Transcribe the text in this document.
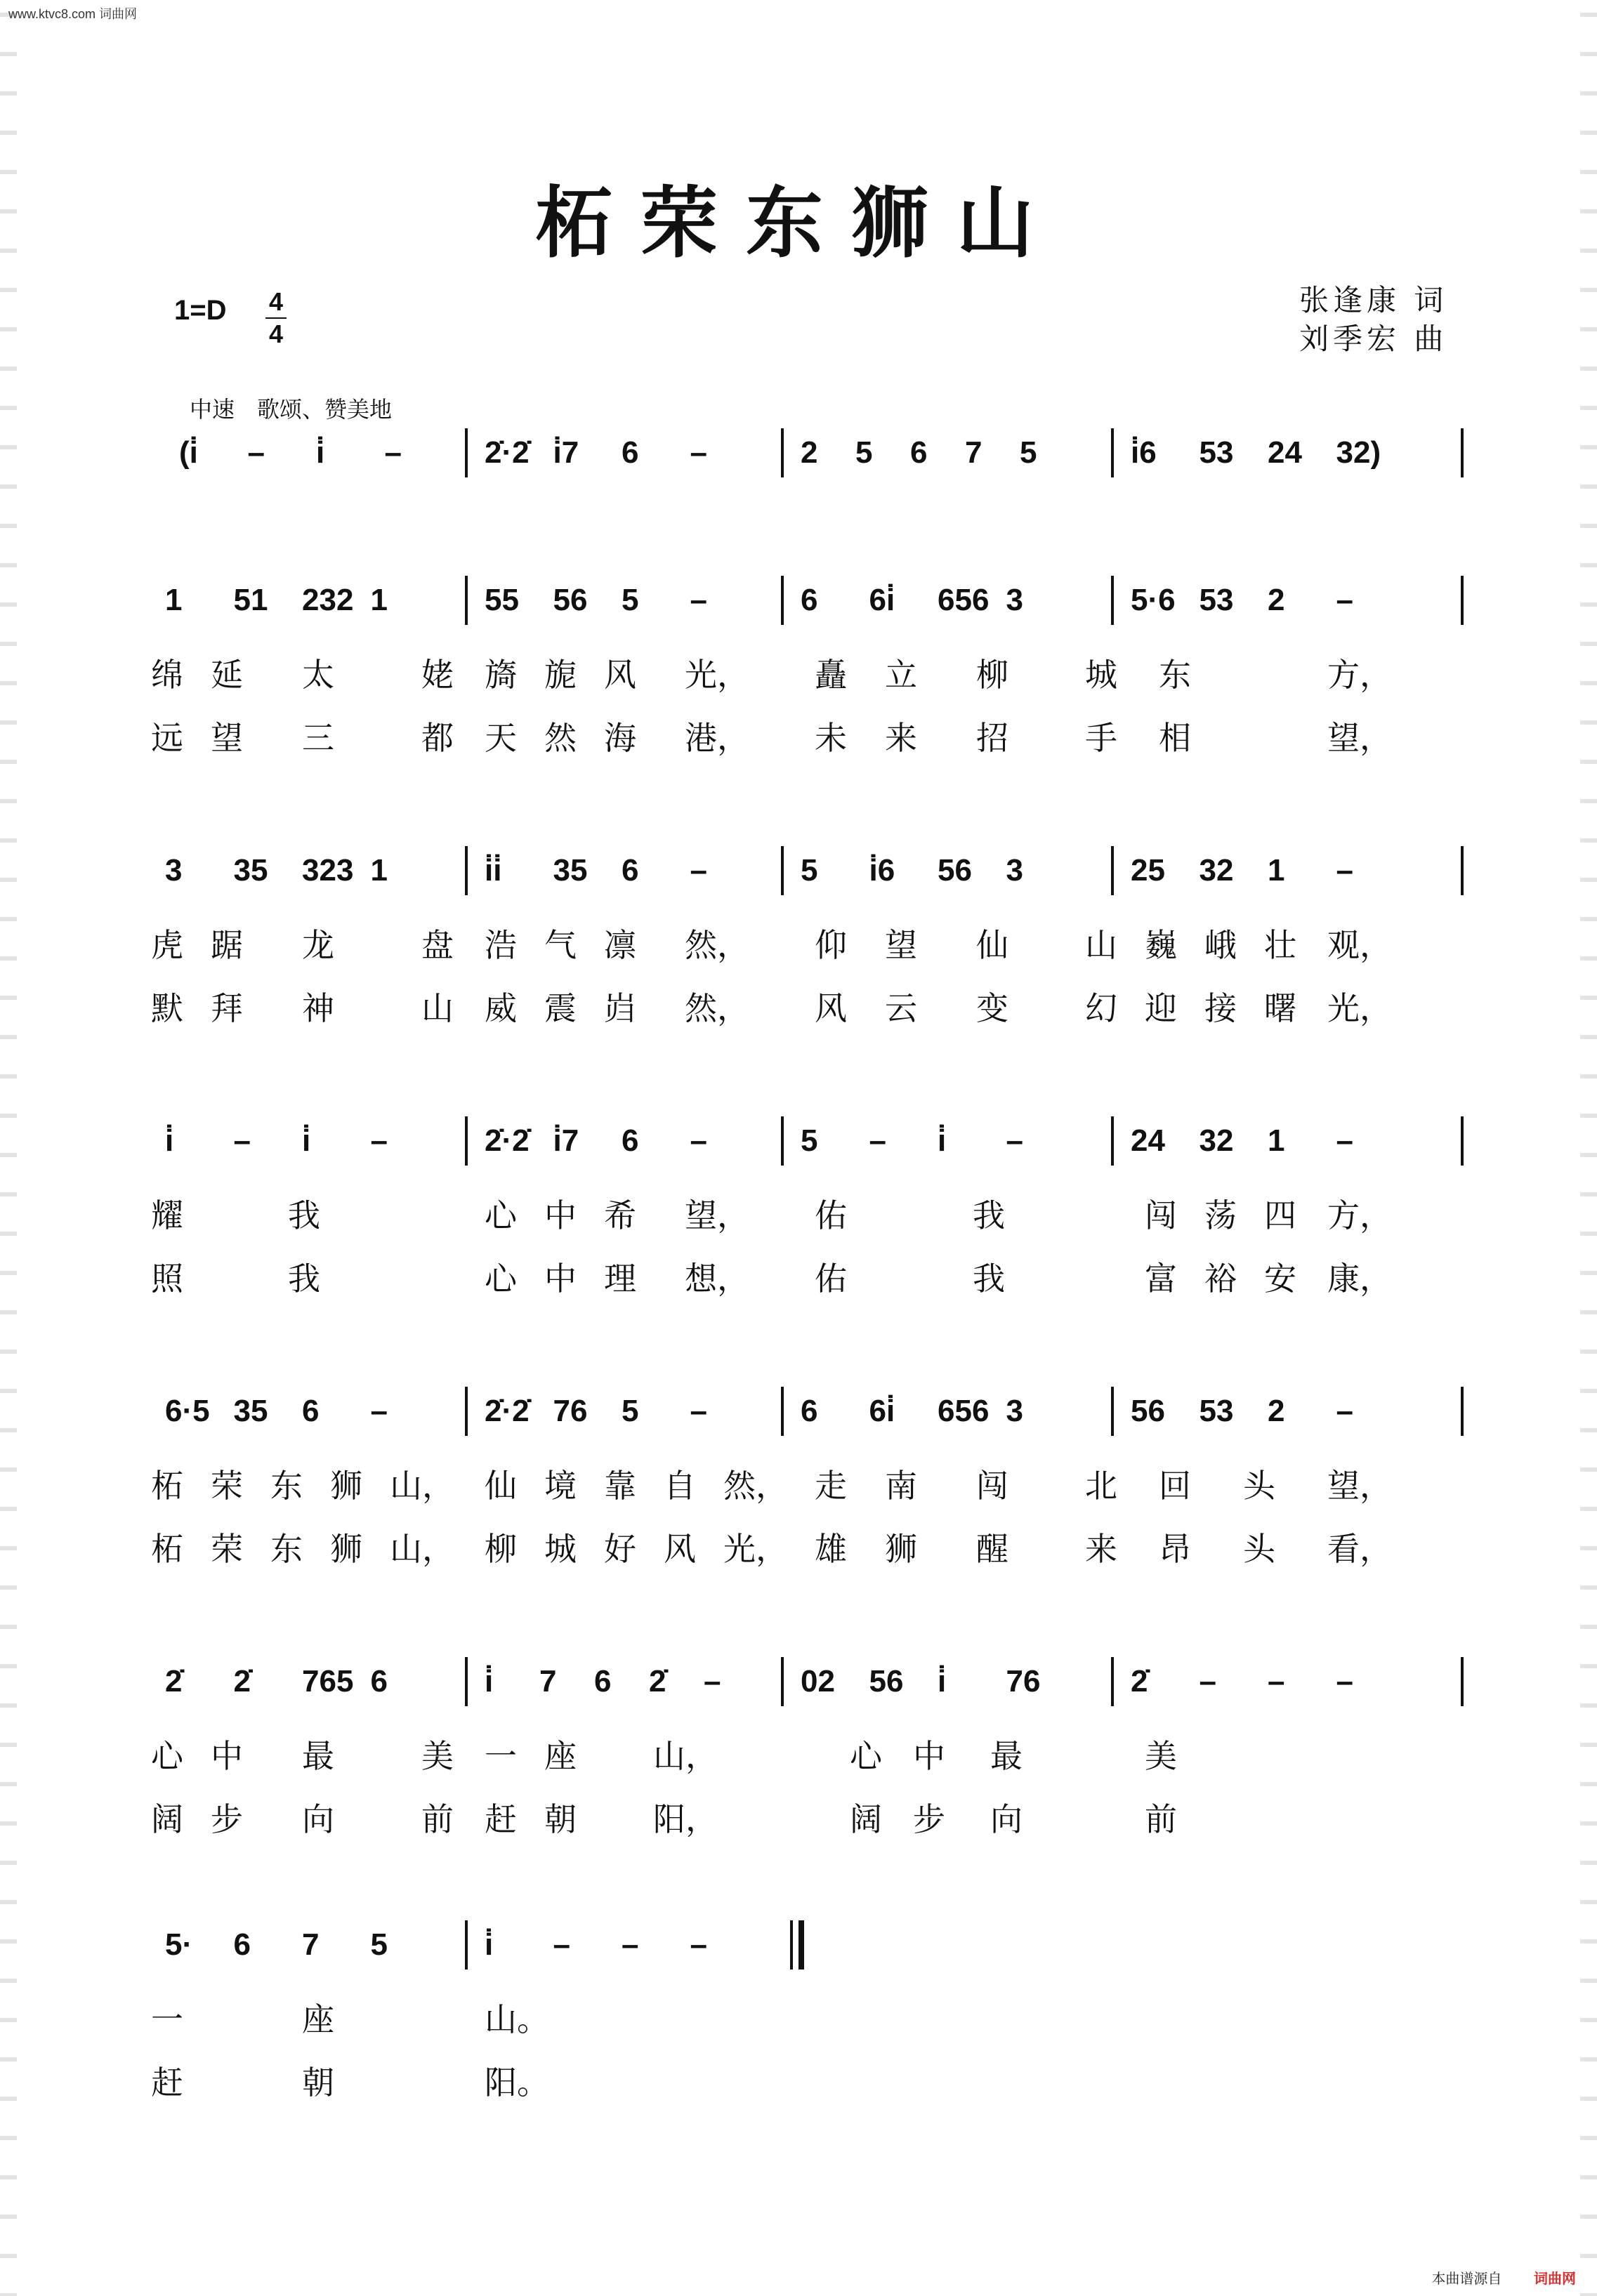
www.ktvc8.com 词曲网
柘荣东狮山
1=D 4
4
张逢康 词
刘季宏 曲
中速　歌颂、赞美地
(i̇ – i̇ –	2̇·2̇ i̇7 6 –	2 5 6 7 5	i̇6 53 24 32)
1 51 232 1	55 56 5 –	6 6i̇ 656 3	5·6 53 2 –
绵 延 太	姥 旖 旎 风 光， 矗 立 柳 城 东	方，
远 望 三	都 天 然 海 港， 未 来 招 手 相	望，
3 35 323 1	i̇i̇ 35 6 –	5 i̇6 56 3	25 32 1 –
虎 踞 龙	盘 浩 气 凛 然， 仰 望 仙 山 巍 峨 壮 观，
默 拜 神	山 威 震 岿 然， 风 云 变 幻 迎 接 曙 光，
i̇ – i̇ –	2̇·2̇ i̇7 6 –	5 – i̇ –	24 32 1 –
耀	我	心 中 希 望， 佑	我	闯 荡 四 方，
照	我	心 中 理 想， 佑	我	富 裕 安 康，
6·5 35 6 –	2̇·2̇ 76 5 –	6 6i̇ 656 3	56 53 2 –
柘 荣 东 狮 山， 仙 境 靠 自 然， 走 南 闯 北 回 头 望，
柘 荣 东 狮 山， 柳 城 好 风 光， 雄 狮 醒 来 昂 头 看，
2̇ 2̇ 765 6	i̇ 7 6 2̇ –	02 56 i̇ 76	2̇ – – –
心 中 最	美 一 座 山，	心 中 最	美
阔 步 向	前 赶 朝 阳，	阔 步 向	前
5· 6 7 5	i̇ – – –
一	座	山。
赶	朝	阳。
本曲谱源自 词曲网
